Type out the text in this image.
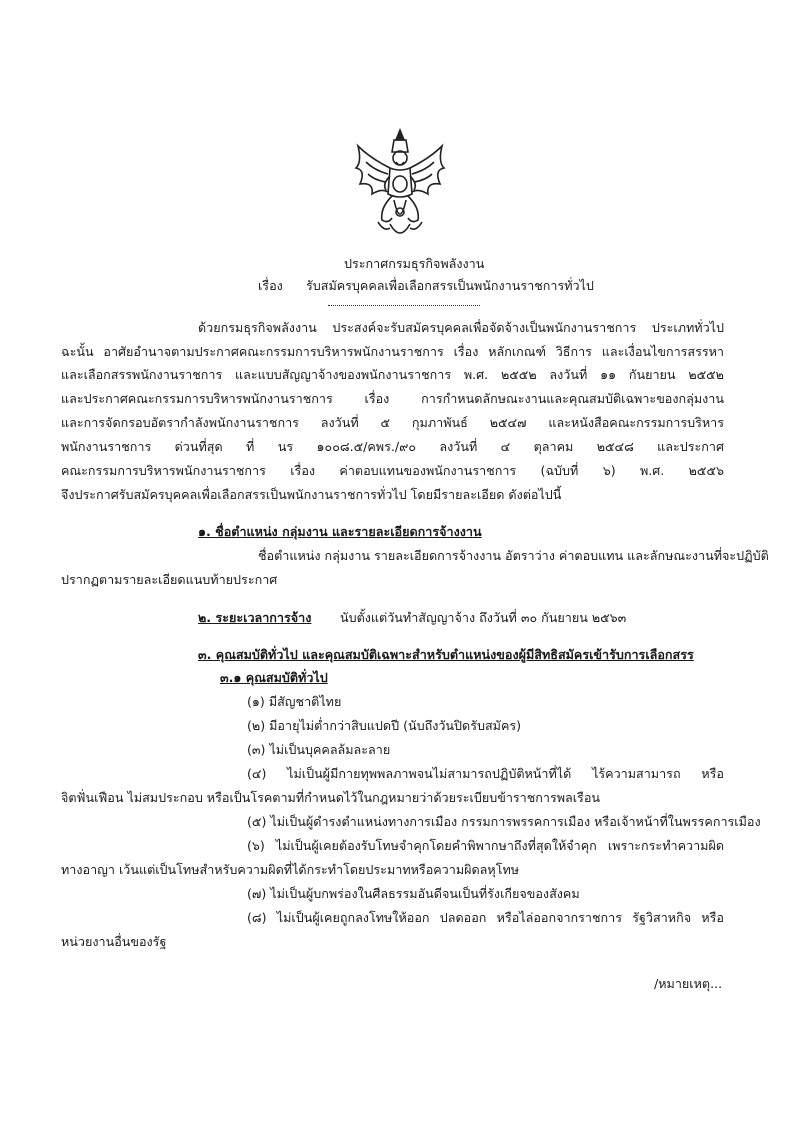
ประกาศกรมธุรกิจพลังงาน
เรื่อง รับสมัครบุคคลเพื่อเลือกสรรเป็นพนักงานราชการทั่วไป
ด้วยกรมธุรกิจพลังงาน ประสงค์จะรับสมัครบุคคลเพื่อจัดจ้างเป็นพนักงานราชการ ประเภททั่วไป
ฉะนั้น อาศัยอำนาจตามประกาศคณะกรรมการบริหารพนักงานราชการ เรื่อง หลักเกณฑ์ วิธีการ และเงื่อนไขการสรรหา
และเลือกสรรพนักงานราชการ และแบบสัญญาจ้างของพนักงานราชการ พ.ศ. ๒๕๕๒ ลงวันที่ ๑๑ กันยายน ๒๕๕๒
และประกาศคณะกรรมการบริหารพนักงานราชการ เรื่อง การกำหนดลักษณะงานและคุณสมบัติเฉพาะของกลุ่มงาน
และการจัดกรอบอัตรากำลังพนักงานราชการ ลงวันที่ ๕ กุมภาพันธ์ ๒๕๔๗ และหนังสือคณะกรรมการบริหาร
พนักงานราชการ ด่วนที่สุด ที่ นร ๑๐๐๘.๕/คพร./๙๐ ลงวันที่ ๔ ตุลาคม ๒๕๔๘ และประกาศ
คณะกรรมการบริหารพนักงานราชการ เรื่อง ค่าตอบแทนของพนักงานราชการ (ฉบับที่ ๖) พ.ศ. ๒๕๕๖
จึงประกาศรับสมัครบุคคลเพื่อเลือกสรรเป็นพนักงานราชการทั่วไป โดยมีรายละเอียด ดังต่อไปนี้
๑. ชื่อตำแหน่ง กลุ่มงาน และรายละเอียดการจ้างงาน
ชื่อตำแหน่ง กลุ่มงาน รายละเอียดการจ้างงาน อัตราว่าง ค่าตอบแทน และลักษณะงานที่จะปฏิบัติ
ปรากฏตามรายละเอียดแนบท้ายประกาศ
๒. ระยะเวลาการจ้าง นับตั้งแต่วันทำสัญญาจ้าง ถึงวันที่ ๓๐ กันยายน ๒๕๖๓
๓. คุณสมบัติทั่วไป และคุณสมบัติเฉพาะสำหรับตำแหน่งของผู้มีสิทธิสมัครเข้ารับการเลือกสรร
๓.๑ คุณสมบัติทั่วไป
(๑) มีสัญชาติไทย
(๒) มีอายุไม่ต่ำกว่าสิบแปดปี (นับถึงวันปิดรับสมัคร)
(๓) ไม่เป็นบุคคลล้มละลาย
(๔) ไม่เป็นผู้มีกายทุพพลภาพจนไม่สามารถปฏิบัติหน้าที่ได้ ไร้ความสามารถ หรือ
จิตฟั่นเฟือน ไม่สมประกอบ หรือเป็นโรคตามที่กำหนดไว้ในกฎหมายว่าด้วยระเบียบข้าราชการพลเรือน
(๕) ไม่เป็นผู้ดำรงตำแหน่งทางการเมือง กรรมการพรรคการเมือง หรือเจ้าหน้าที่ในพรรคการเมือง
(๖) ไม่เป็นผู้เคยต้องรับโทษจำคุกโดยคำพิพากษาถึงที่สุดให้จำคุก เพราะกระทำความผิด
ทางอาญา เว้นแต่เป็นโทษสำหรับความผิดที่ได้กระทำโดยประมาทหรือความผิดลหุโทษ
(๗) ไม่เป็นผู้บกพร่องในศีลธรรมอันดีจนเป็นที่รังเกียจของสังคม
(๘) ไม่เป็นผู้เคยถูกลงโทษให้ออก ปลดออก หรือไล่ออกจากราชการ รัฐวิสาหกิจ หรือ
หน่วยงานอื่นของรัฐ
/หมายเหตุ...
